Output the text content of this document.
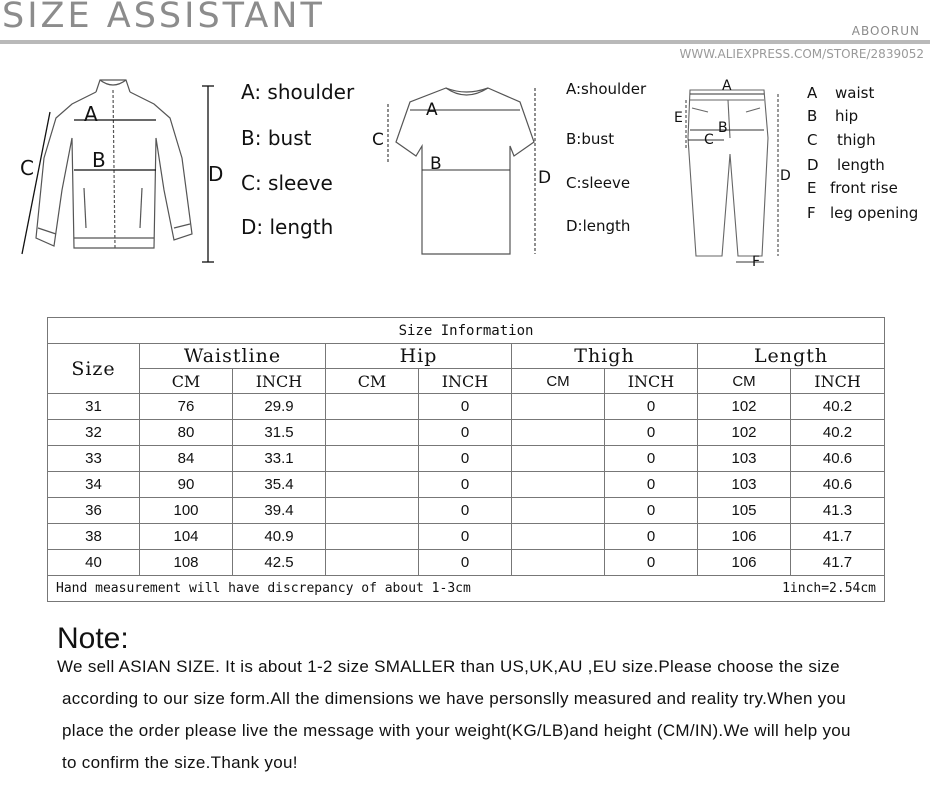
SIZE ASSISTANT	ABOORUN
WWW.ALIEXPRESS.COM/STORE/2839052
A
B
C	D
A: shoulder
B: bust
C: sleeve
D: length
A
B
C
D
A:shoulder
B:bust
C:sleeve
D:length
A
B
C
D
E
F
A waist
B hip
C thigh
D length
E front rise
F leg opening
Size Information								
Size	Waistline		Hip		Thigh		Length	
	CM	INCH	CM	INCH	CM	INCH	CM	INCH
31	76	29.9		0		0	102	40.2
32	80	31.5		0		0	102	40.2
33	84	33.1		0		0	103	40.6
34	90	35.4		0		0	103	40.6
36	100	39.4		0		0	105	41.3
38	104	40.9		0		0	106	41.7
40	108	42.5		0		0	106	41.7

Hand measurement will have discrepancy of about 1-3cm 1inch=2.54cm								
Note:
We sell ASIAN SIZE. It is about 1-2 size SMALLER than US,UK,AU ,EU size.Please choose the size
according to our size form.All the dimensions we have personslly measured and reality try.When you
place the order please live the message with your weight(KG/LB)and height (CM/IN).We will help you
to confirm the size.Thank you!
